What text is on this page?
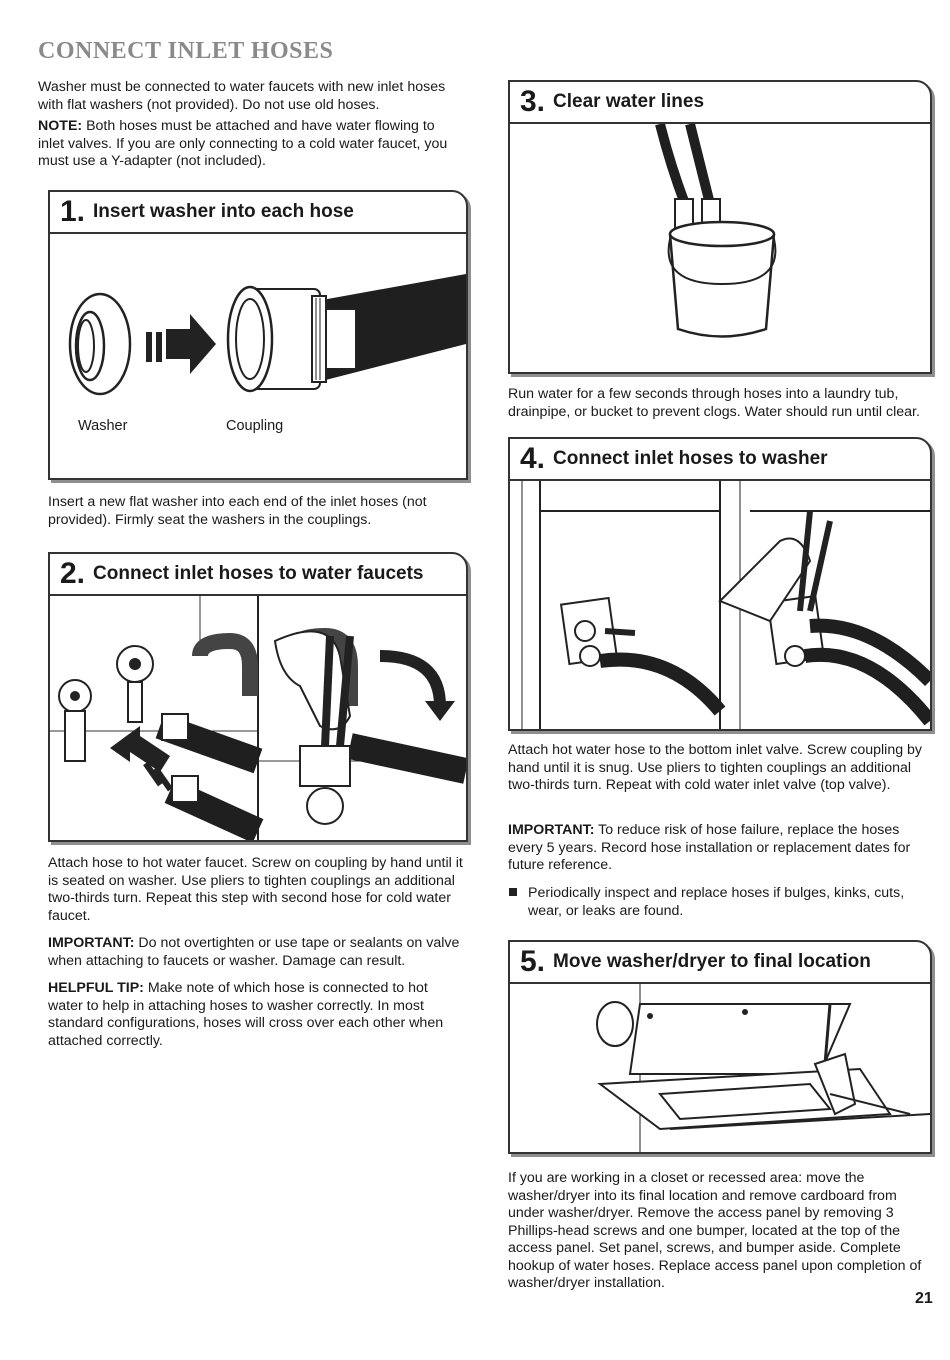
CONNECT INLET HOSES

Washer must be connected to water faucets with new inlet hoses with flat washers (not provided). Do not use old hoses.

NOTE: Both hoses must be attached and have water flowing to inlet valves. If you are only connecting to a cold water faucet, you must use a Y-adapter (not included).

1. Insert washer into each hose
Washer	Coupling

Insert a new flat washer into each end of the inlet hoses (not provided). Firmly seat the washers in the couplings.

2. Connect inlet hoses to water faucets

Attach hose to hot water faucet. Screw on coupling by hand until it is seated on washer. Use pliers to tighten couplings an additional two-thirds turn. Repeat this step with second hose for cold water faucet.

IMPORTANT: Do not overtighten or use tape or sealants on valve when attaching to faucets or washer. Damage can result.

HELPFUL TIP: Make note of which hose is connected to hot water to help in attaching hoses to washer correctly. In most standard configurations, hoses will cross over each other when attached correctly.

3. Clear water lines

Run water for a few seconds through hoses into a laundry tub, drainpipe, or bucket to prevent clogs. Water should run until clear.

4. Connect inlet hoses to washer

Attach hot water hose to the bottom inlet valve. Screw coupling by hand until it is snug. Use pliers to tighten couplings an additional two-thirds turn. Repeat with cold water inlet valve (top valve).

IMPORTANT: To reduce risk of hose failure, replace the hoses every 5 years. Record hose installation or replacement dates for future reference.

Periodically inspect and replace hoses if bulges, kinks, cuts, wear, or leaks are found.

5. Move washer/dryer to final location

If you are working in a closet or recessed area: move the washer/dryer into its final location and remove cardboard from under washer/dryer. Remove the access panel by removing 3 Phillips-head screws and one bumper, located at the top of the access panel. Set panel, screws, and bumper aside. Complete hookup of water hoses. Replace access panel upon completion of washer/dryer installation.

21
